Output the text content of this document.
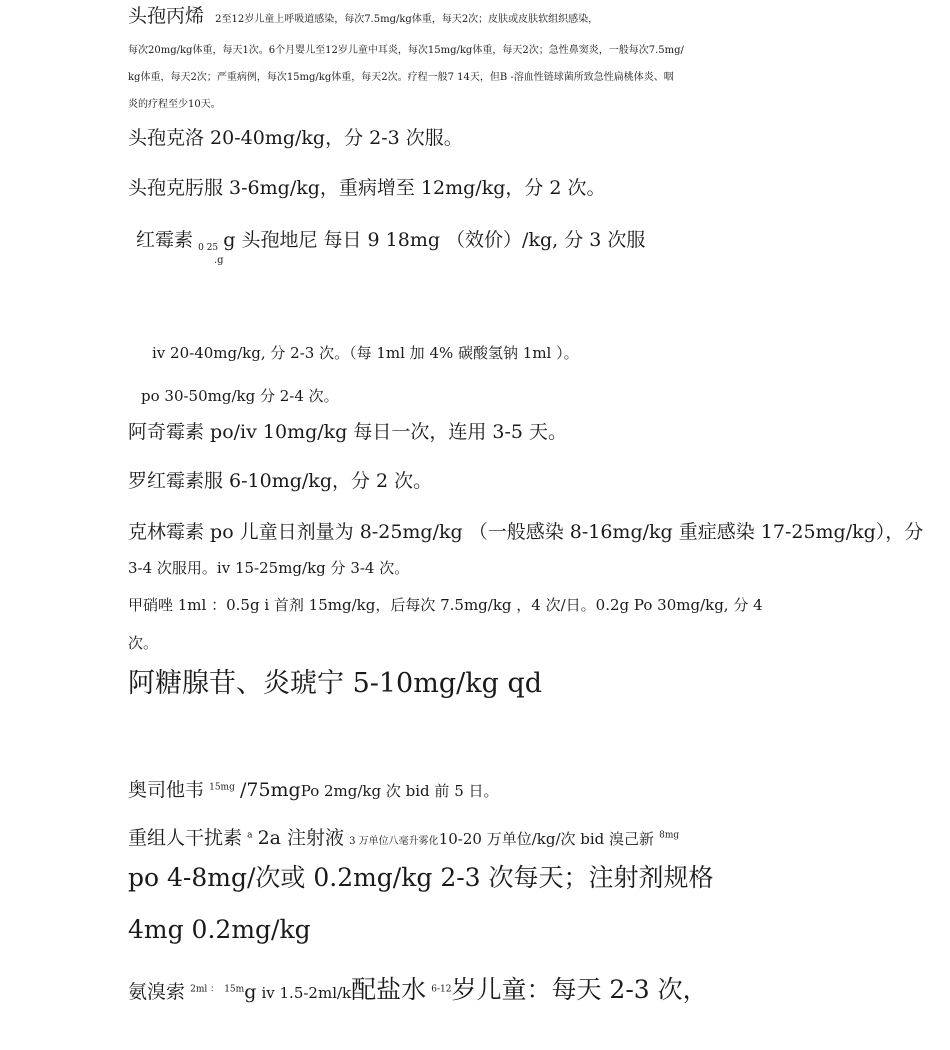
头孢丙烯 2至12岁儿童上呼吸道感染，每次7.5mg/kg体重，每天2次；皮肤或皮肤软组织感染，
每次20mg/kg体重，每天1次。6个月婴儿至12岁儿童中耳炎，每次15mg/kg体重，每天2次；急性鼻窦炎，一般每次7.5mg/
kg体重，每天2次；严重病例，每次15mg/kg体重，每天2次。疗程一般7 14天，但B -溶血性链球菌所致急性扁桃体炎、咽
炎的疗程至少10天。
头孢克洛 20-40mg/kg，分 2-3 次服。
头孢克肟服 3-6mg/kg，重病增至 12mg/kg，分 2 次。
红霉素 $_{0 25}$ g 头孢地尼 每日 9 18mg （效价）/kg, 分 3 次服
.g
iv 20-40mg/kg, 分 2-3 次。（每 1ml 加 4% 碳酸氢钠 1ml ）。
po 30-50mg/kg 分 2-4 次。
阿奇霉素 po/iv 10mg/kg 每日一次，连用 3-5 天。
罗红霉素服 6-10mg/kg，分 2 次。
克林霉素 po 儿童日剂量为 8-25mg/kg （一般感染 8-16mg/kg 重症感染 17-25mg/kg），分
3-4 次服用。iv 15-25mg/kg 分 3-4 次。
甲硝唑 1ml ：0.5g i 首剂 15mg/kg，后每次 7.5mg/kg ，4 次/日。0.2g Po 30mg/kg, 分 4
次。
阿糖腺苷、炎琥宁 5-10mg/kg qd
奥司他韦 $^{15mg}$ /75mgPo 2mg/kg 次 bid 前 5 日。
重组人干扰素 $^a$ 2a 注射液 3 万单位八毫升雾化10-20 万单位/kg/次 bid 溴己新 $^{8mg}$
po 4-8mg/次或 0.2mg/kg 2-3 次每天；注射剂规格
4mg 0.2mg/kg
氨溴索 $^{2ml :}$ $^{15m}$g iv 1.5-2ml/k配盐水 $^{6-12}$岁儿童：每天 2-3 次，
